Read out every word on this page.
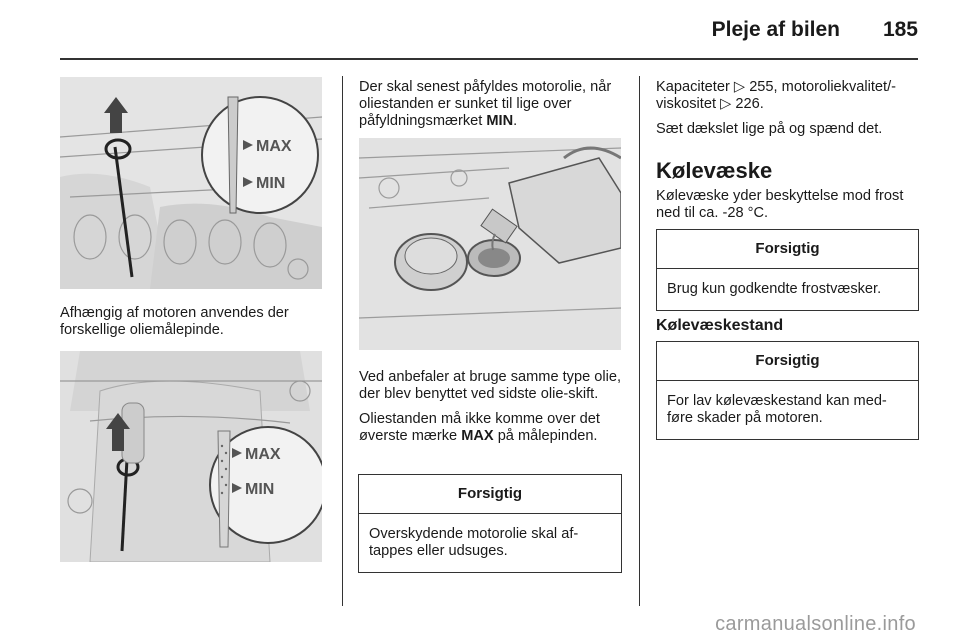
Pleje af bilen 185
MAX
MIN
Afhængig af motoren anvendes der forskellige oliemålepinde.
MAX
MIN

Der skal senest påfyldes motorolie, når oliestanden er sunket til lige over påfyldningsmærket MIN.

Ved anbefaler at bruge samme type olie, der blev benyttet ved sidste olie-skift.

Oliestanden må ikke komme over det øverste mærke MAX på målepinden.

Forsigtig
Overskydende motorolie skal af-tappes eller udsuges.

Kapaciteter ▷ 255, motoroliekvalitet/-viskositet ▷ 226.

Sæt dækslet lige på og spænd det.

Kølevæske
Kølevæske yder beskyttelse mod frost ned til ca. -28 °C.
Forsigtig
Brug kun godkendte frostvæsker.
Kølevæskestand
Forsigtig
For lav kølevæskestand kan med-føre skader på motoren.
carmanualsonline.info
